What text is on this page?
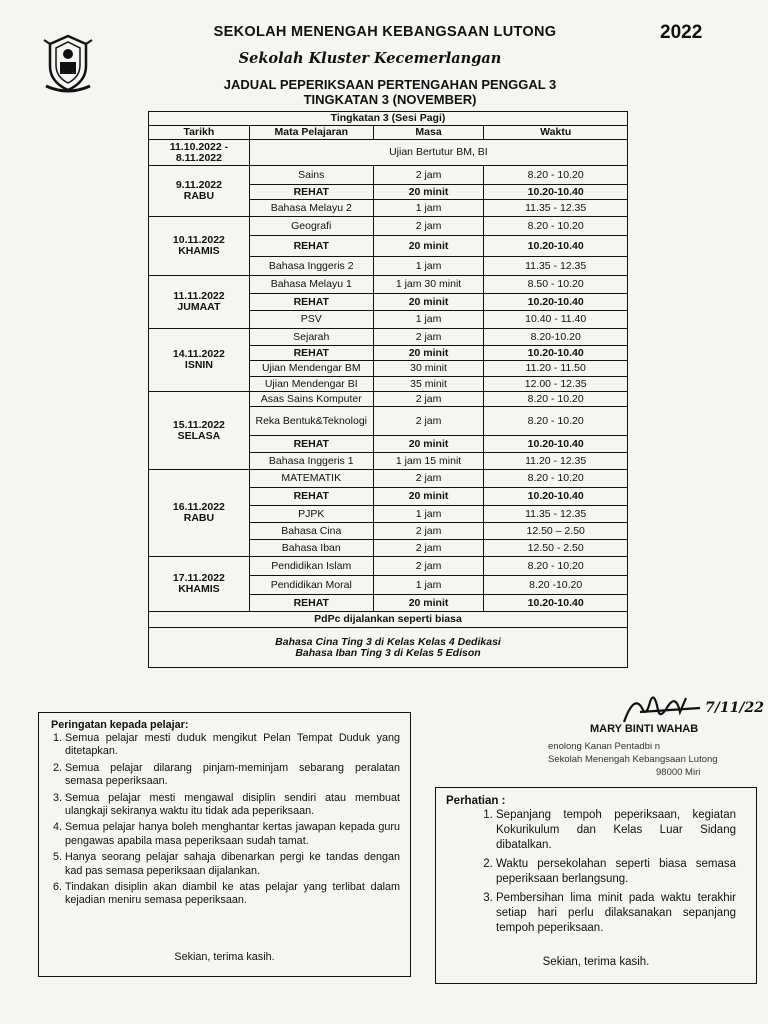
SEKOLAH MENENGAH KEBANGSAAN LUTONG	2022
Sekolah Kluster Kecemerlangan
JADUAL PEPERIKSAAN PERTENGAHAN PENGGAL 3
TINGKATAN 3 (NOVEMBER)
Tingkatan 3 (Sesi Pagi)			
Tarikh	Mata Pelajaran	Masa	Waktu
11.10.2022 - 8.11.2022	Ujian Bertutur BM, BI		

9.11.2022
RABU	Sains	2 jam	8.20 - 10.20
	REHAT	20 minit	10.20-10.40
	Bahasa Melayu 2	1 jam	11.35 - 12.35

10.11.2022
KHAMIS	Geografi	2 jam	8.20 - 10.20
	REHAT	20 minit	10.20-10.40
	Bahasa Inggeris 2	1 jam	11.35 - 12.35

11.11.2022
JUMAAT	Bahasa Melayu 1	1 jam 30 minit	8.50 - 10.20
	REHAT	20 minit	10.20-10.40
	PSV	1 jam	10.40 - 11.40

14.11.2022
ISNIN	Sejarah	2 jam	8.20-10.20
	REHAT	20 minit	10.20-10.40
	Ujian Mendengar BM	30 minit	11.20 - 11.50
	Ujian Mendengar BI	35 minit	12.00 - 12.35

15.11.2022
SELASA	Asas Sains Komputer	2 jam	8.20 - 10.20
	Reka Bentuk&Teknologi	2 jam	8.20 - 10.20
	REHAT	20 minit	10.20-10.40
	Bahasa Inggeris 1	1 jam 15 minit	11.20 - 12.35

16.11.2022
RABU	MATEMATIK	2 jam	8.20 - 10.20
	REHAT	20 minit	10.20-10.40
	PJPK	1 jam	11.35 - 12.35
	Bahasa Cina	2 jam	12.50 – 2.50
	Bahasa Iban	2 jam	12.50 - 2.50

17.11.2022
KHAMIS	Pendidikan Islam	2 jam	8.20 - 10.20
	Pendidikan Moral	1 jam	8.20 -10.20
	REHAT	20 minit	10.20-10.40
PdPc dijalankan seperti biasa			

Bahasa Cina Ting 3 di Kelas Kelas 4 Dedikasi
Bahasa Iban Ting 3 di Kelas 5 Edison			
7/11/22
MARY BINTI WAHAB
enolong Kanan Pentadbi n
Sekolah Menengah Kebangsaan Lutong
98000 Miri
Peringatan kepada pelajar:
1. Semua pelajar mesti duduk mengikut Pelan Tempat Duduk yang ditetapkan.
2. Semua pelajar dilarang pinjam-meminjam sebarang peralatan semasa peperiksaan.
3. Semua pelajar mesti mengawal disiplin sendiri atau membuat ulangkaji sekiranya waktu itu tidak ada peperiksaan.
4. Semua pelajar hanya boleh menghantar kertas jawapan kepada guru pengawas apabila masa peperiksaan sudah tamat.
5. Hanya seorang pelajar sahaja dibenarkan pergi ke tandas dengan kad pas semasa peperiksaan dijalankan.
6. Tindakan disiplin akan diambil ke atas pelajar yang terlibat dalam kejadian meniru semasa peperiksaan.
Sekian, terima kasih.
Perhatian :
1. Sepanjang tempoh peperiksaan, kegiatan Kokurikulum dan Kelas Luar Sidang dibatalkan.
2. Waktu persekolahan seperti biasa semasa peperiksaan berlangsung.
3. Pembersihan lima minit pada waktu terakhir setiap hari perlu dilaksanakan sepanjang tempoh peperiksaan.
Sekian, terima kasih.
